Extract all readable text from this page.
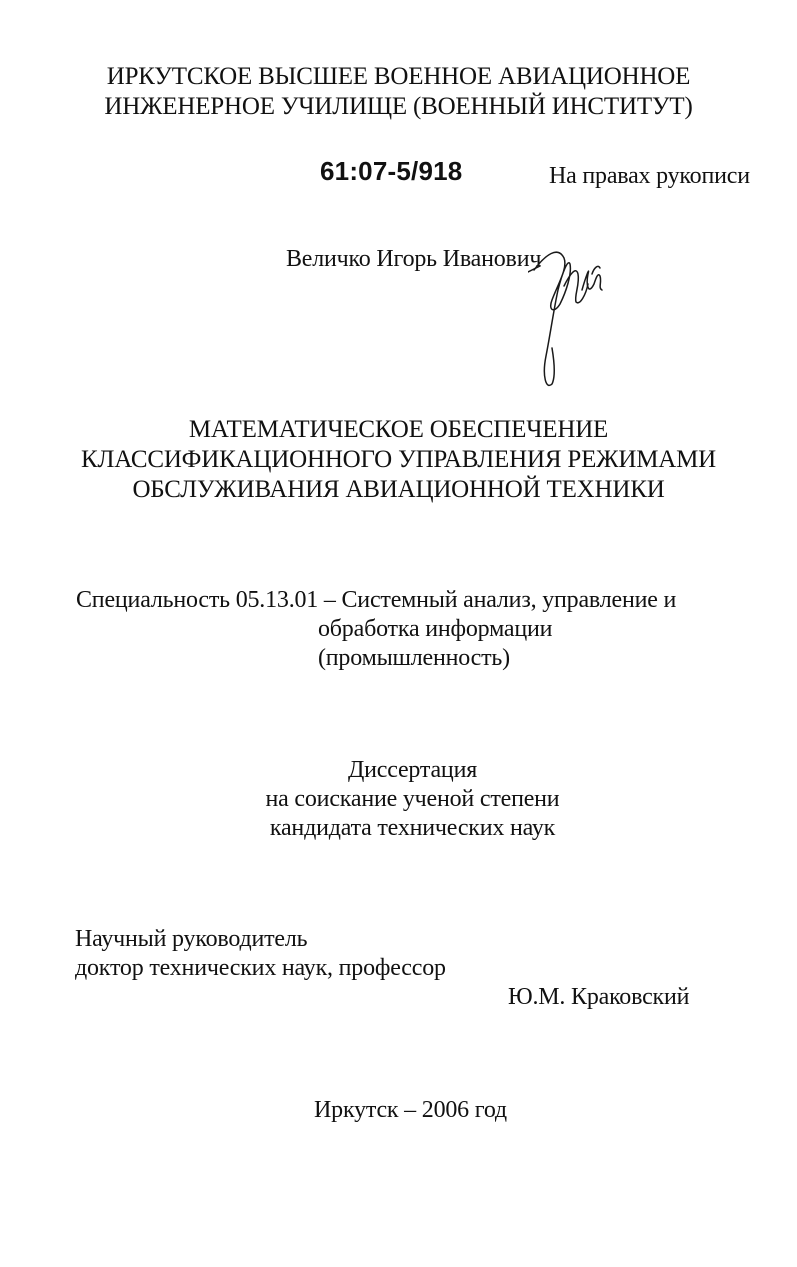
ИРКУТСКОЕ ВЫСШЕЕ ВОЕННОЕ АВИАЦИОННОЕ
ИНЖЕНЕРНОЕ УЧИЛИЩЕ (ВОЕННЫЙ ИНСТИТУТ)
61:07-5/918	На правах рукописи
Величко Игорь Иванович
МАТЕМАТИЧЕСКОЕ ОБЕСПЕЧЕНИЕ
КЛАССИФИКАЦИОННОГО УПРАВЛЕНИЯ РЕЖИМАМИ
ОБСЛУЖИВАНИЯ АВИАЦИОННОЙ ТЕХНИКИ
Специальность 05.13.01 – Системный анализ, управление и
обработка информации
(промышленность)
Диссертация
на соискание ученой степени
кандидата технических наук
Научный руководитель
доктор технических наук, профессор
Ю.М. Краковский
Иркутск – 2006 год
